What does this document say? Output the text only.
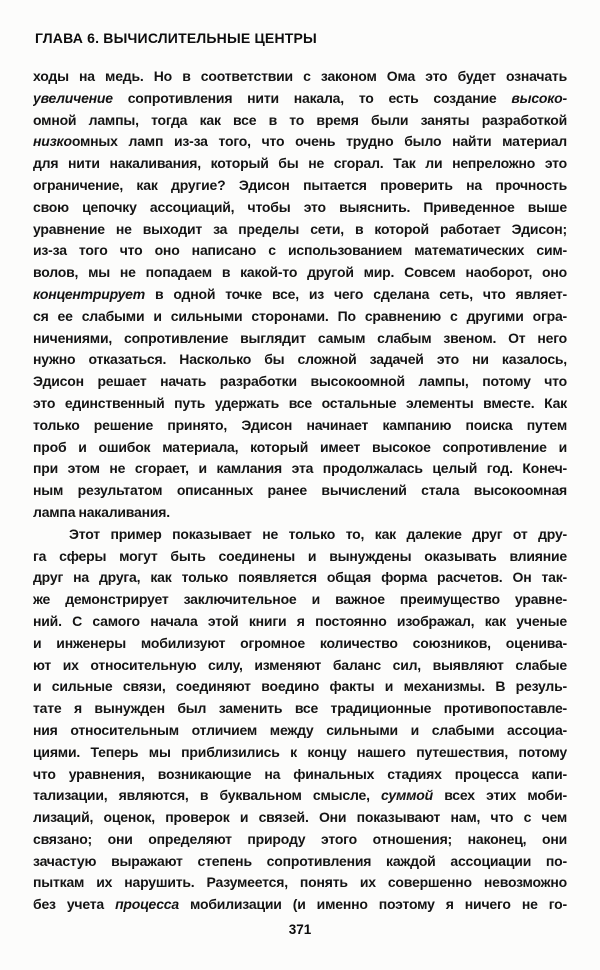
ГЛАВА 6. ВЫЧИСЛИТЕЛЬНЫЕ ЦЕНТРЫ
ходы на медь. Но в соответствии с законом Ома это будет означать
увеличение сопротивления нити накала, то есть создание высоко-
омной лампы, тогда как все в то время были заняты разработкой
низкоомных ламп из-за того, что очень трудно было найти материал
для нити накаливания, который бы не сгорал. Так ли непреложно это
ограничение, как другие? Эдисон пытается проверить на прочность
свою цепочку ассоциаций, чтобы это выяснить. Приведенное выше
уравнение не выходит за пределы сети, в которой работает Эдисон;
из-за того что оно написано с использованием математических сим-
волов, мы не попадаем в какой-то другой мир. Совсем наоборот, оно
концентрирует в одной точке все, из чего сделана сеть, что являет-
ся ее слабыми и сильными сторонами. По сравнению с другими огра-
ничениями, сопротивление выглядит самым слабым звеном. От него
нужно отказаться. Насколько бы сложной задачей это ни казалось,
Эдисон решает начать разработки высокоомной лампы, потому что
это единственный путь удержать все остальные элементы вместе. Как
только решение принято, Эдисон начинает кампанию поиска путем
проб и ошибок материала, который имеет высокое сопротивление и
при этом не сгорает, и камлания эта продолжалась целый год. Конеч-
ным результатом описанных ранее вычислений стала высокоомная
лампа накаливания.
Этот пример показывает не только то, как далекие друг от дру-
га сферы могут быть соединены и вынуждены оказывать влияние
друг на друга, как только появляется общая форма расчетов. Он так-
же демонстрирует заключительное и важное преимущество уравне-
ний. С самого начала этой книги я постоянно изображал, как ученые
и инженеры мобилизуют огромное количество союзников, оценива-
ют их относительную силу, изменяют баланс сил, выявляют слабые
и сильные связи, соединяют воедино факты и механизмы. В резуль-
тате я вынужден был заменить все традиционные противопоставле-
ния относительным отличием между сильными и слабыми ассоциа-
циями. Теперь мы приблизились к концу нашего путешествия, потому
что уравнения, возникающие на финальных стадиях процесса капи-
тализации, являются, в буквальном смысле, суммой всех этих моби-
лизаций, оценок, проверок и связей. Они показывают нам, что с чем
связано; они определяют природу этого отношения; наконец, они
зачастую выражают степень сопротивления каждой ассоциации по-
пыткам их нарушить. Разумеется, понять их совершенно невозможно
без учета процесса мобилизации (и именно поэтому я ничего не го-
371
